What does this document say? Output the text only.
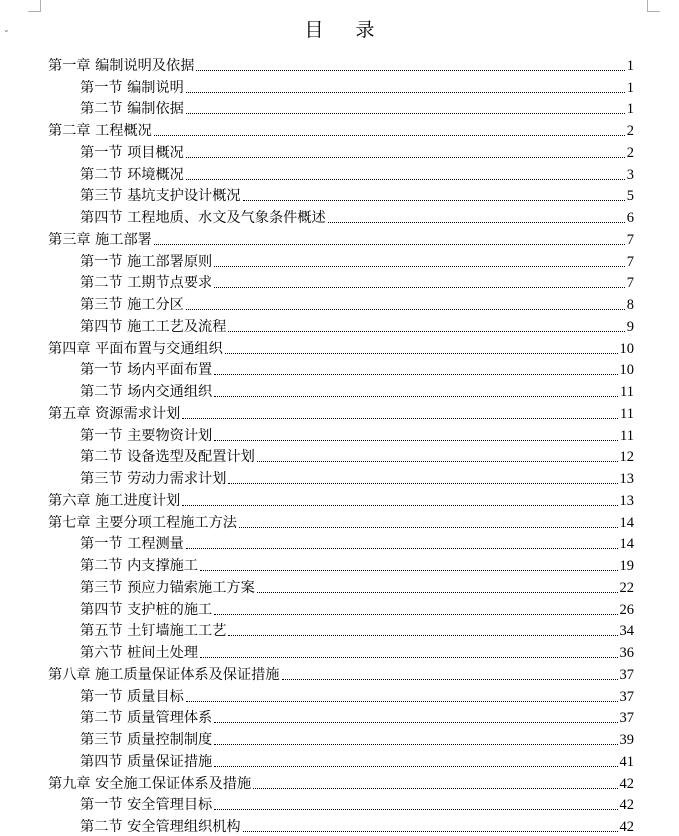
⌄	目 录
第一章 编制说明及依据	1
第一节 编制说明	1
第二节 编制依据	1
第二章 工程概况	2
第一节 项目概况	2
第二节 环境概况	3
第三节 基坑支护设计概况	5
第四节 工程地质、水文及气象条件概述	6
第三章 施工部署	7
第一节 施工部署原则	7
第二节 工期节点要求	7
第三节 施工分区	8
第四节 施工工艺及流程	9
第四章 平面布置与交通组织	10
第一节 场内平面布置	10
第二节 场内交通组织	11
第五章 资源需求计划	11
第一节 主要物资计划	11
第二节 设备选型及配置计划	12
第三节 劳动力需求计划	13
第六章 施工进度计划	13
第七章 主要分项工程施工方法	14
第一节 工程测量	14
第二节 内支撑施工	19
第三节 预应力锚索施工方案	22
第四节 支护桩的施工	26
第五节 土钉墙施工工艺	34
第六节 桩间土处理	36
第八章 施工质量保证体系及保证措施	37
第一节 质量目标	37
第二节 质量管理体系	37
第三节 质量控制制度	39
第四节 质量保证措施	41
第九章 安全施工保证体系及措施	42
第一节 安全管理目标	42
第二节 安全管理组织机构	42
